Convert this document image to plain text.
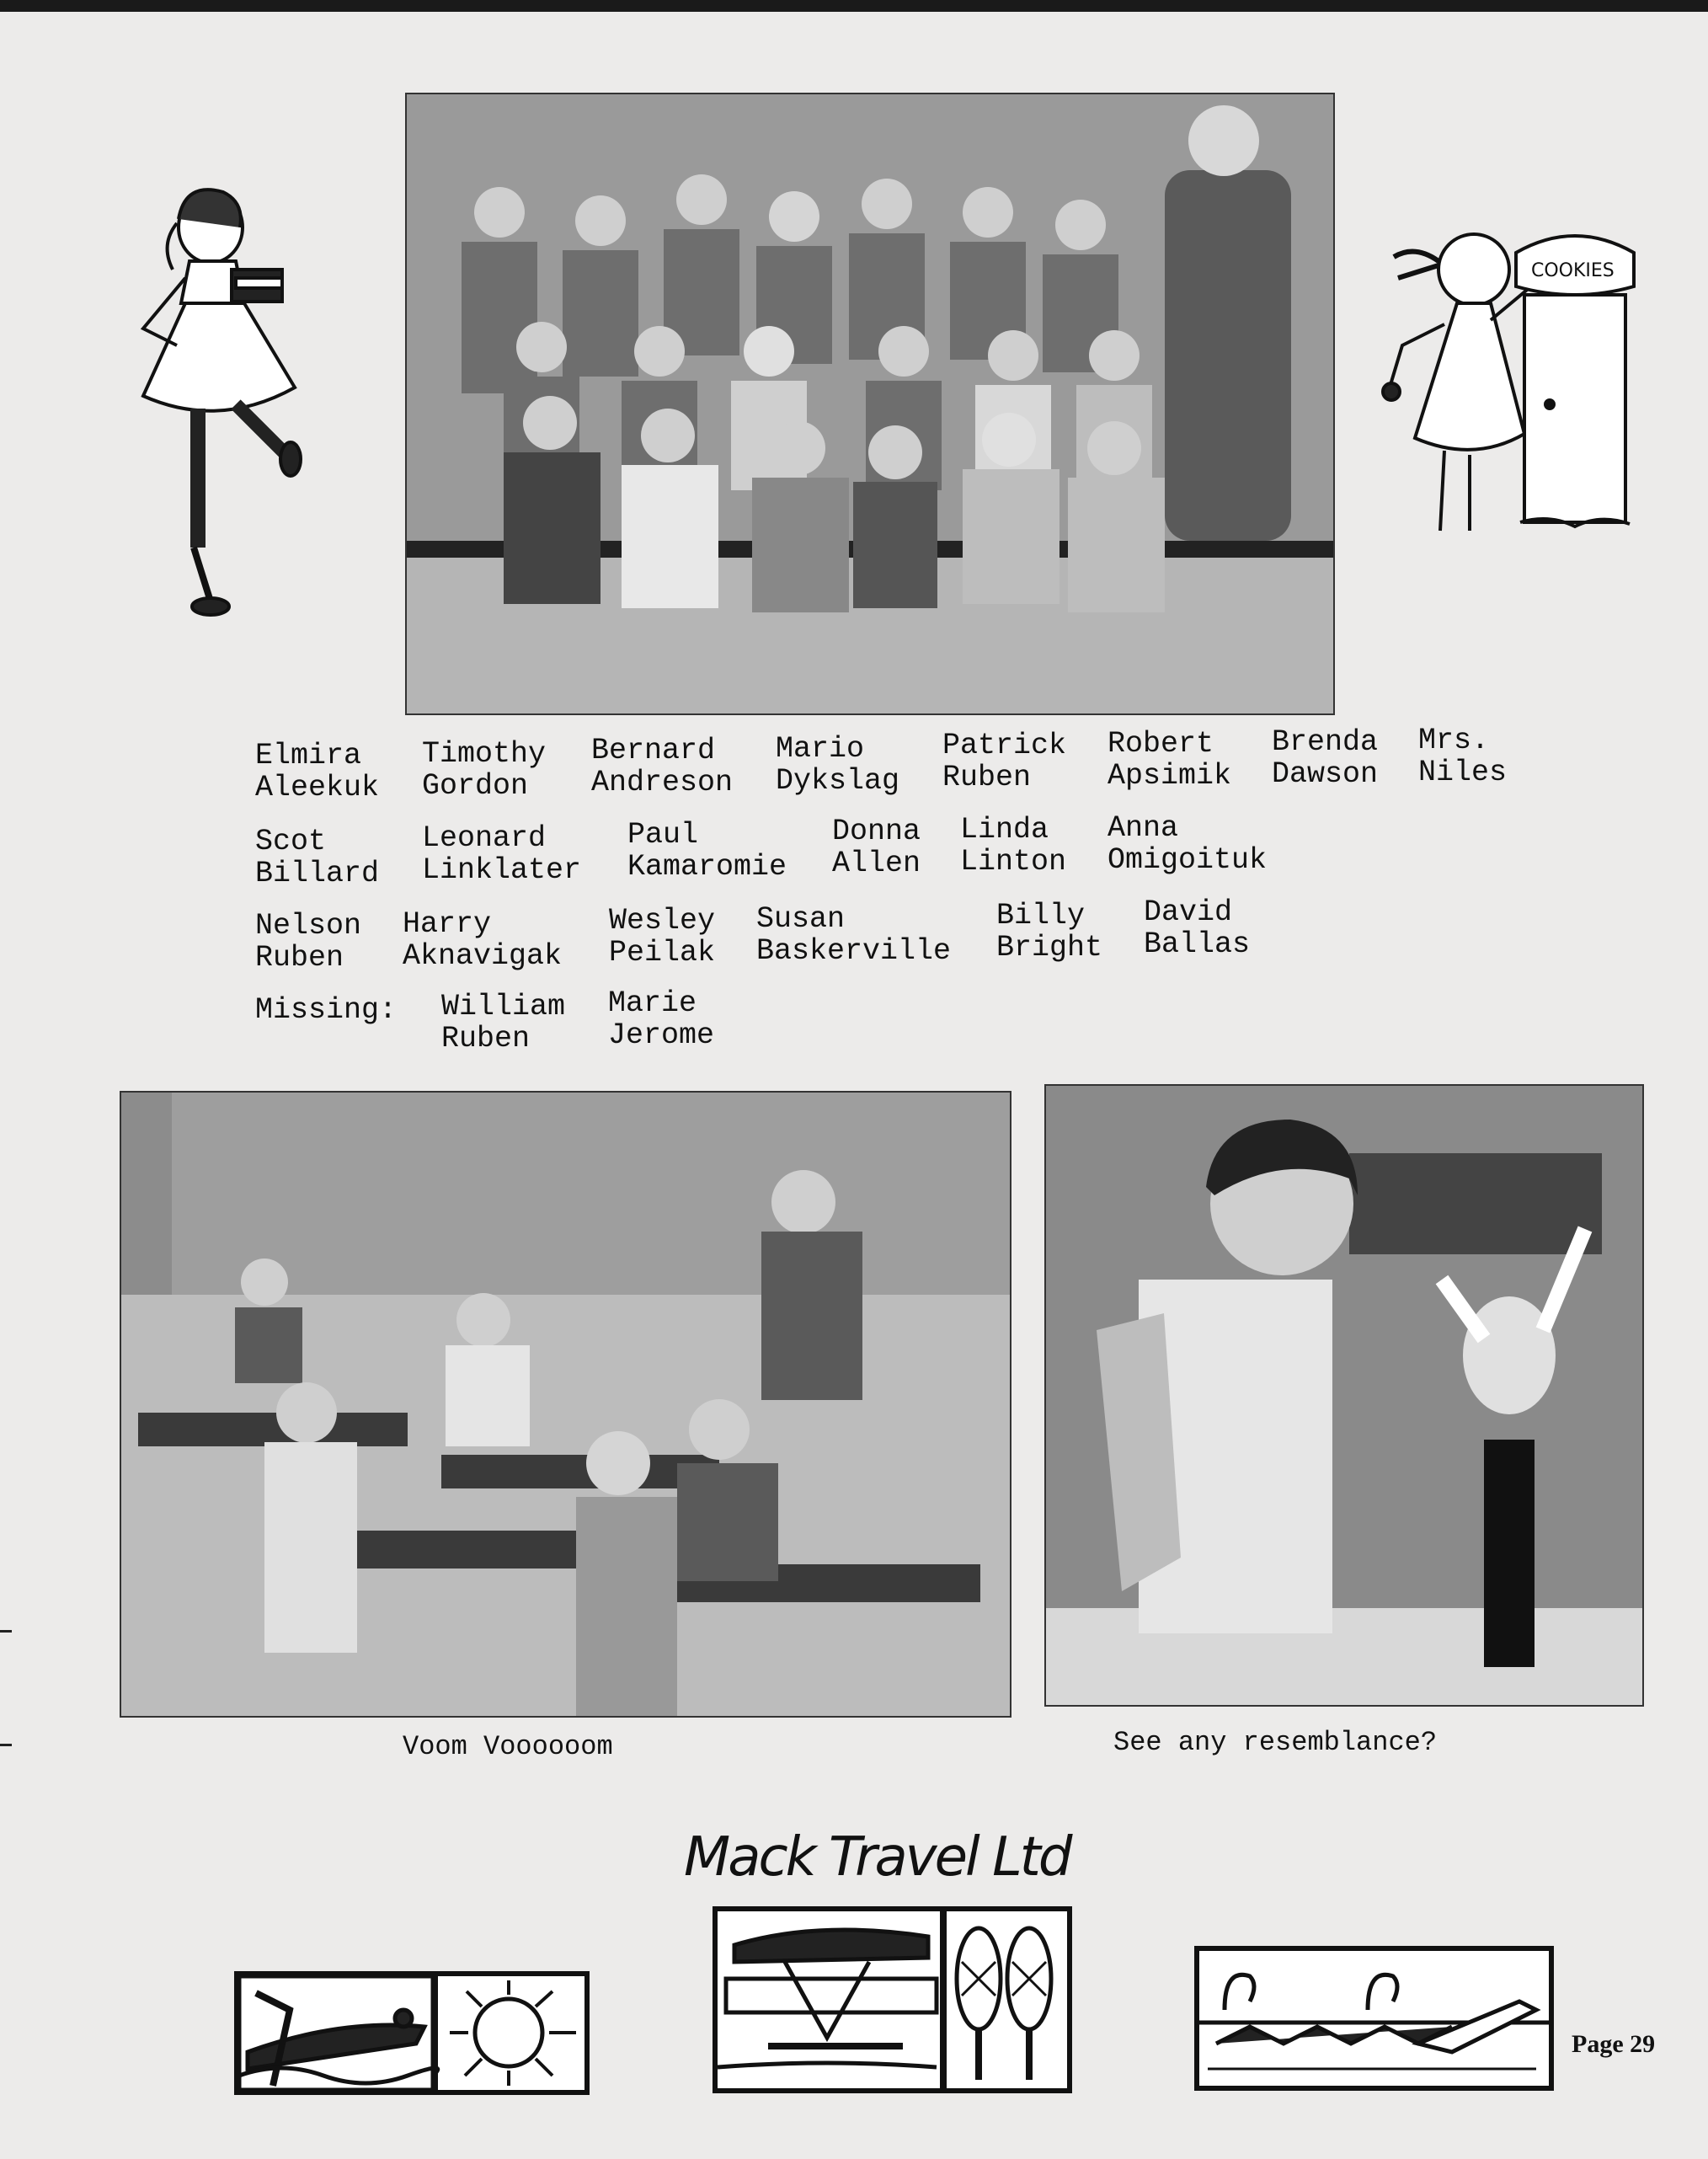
COOKIES
Elmira
Aleekuk
Timothy
Gordon
Bernard
Andreson
Mario
Dykslag
Patrick
Ruben
Robert
Apsimik
Brenda
Dawson
Mrs.
Niles
Scot
Billard
Leonard
Linklater
Paul
Kamaromie
Donna
Allen
Linda
Linton
Anna
Omigoituk
Nelson
Ruben
Harry
Aknavigak
Wesley
Peilak
Susan
Baskerville
Billy
Bright
David
Ballas
Missing: William
Ruben
Marie
Jerome
Voom Voooooom	See any resemblance?
Mack Travel Ltd
Page 29
